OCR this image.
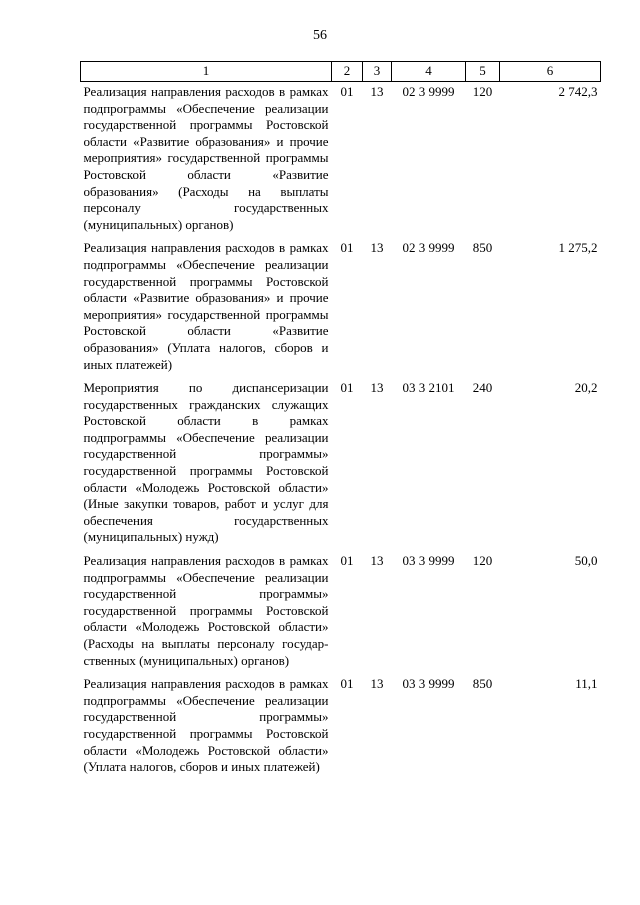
56
1	2	3	4	5	6
Реализация направления расходов в рамках подпрограммы «Обеспечение реализации государственной программы Ростовской области «Развитие образования» и прочие мероприятия» государственной программы Ростовской области «Развитие образования» (Расходы на выплаты персоналу государственных (муниципальных) органов)	01	13	02 3 9999	120	2 742,3
Реализация направления расходов в рамках подпрограммы «Обеспечение реализации государственной программы Ростовской области «Развитие образования» и прочие мероприятия» государственной программы Ростовской области «Развитие образования» (Уплата налогов, сборов и иных платежей)	01	13	02 3 9999	850	1 275,2
Мероприятия по диспансеризации государственных гражданских служащих Ростовской области в рамках подпрограммы «Обеспечение реализации государственной программы» государственной программы Ростовской области «Молодежь Ростовской области» (Иные закупки товаров, работ и услуг для обеспечения государственных (муниципальных) нужд)	01	13	03 3 2101	240	20,2
Реализация направления расходов в рамках подпрограммы «Обеспечение реализации государственной программы» государственной программы Ростовской области «Молодежь Ростовской области» (Расходы на выплаты персоналу государственных (муниципальных) органов)	01	13	03 3 9999	120	50,0
Реализация направления расходов в рамках подпрограммы «Обеспечение реализации государственной программы» государственной программы Ростовской области «Молодежь Ростовской области» (Уплата налогов, сборов и иных платежей)	01	13	03 3 9999	850	11,1
